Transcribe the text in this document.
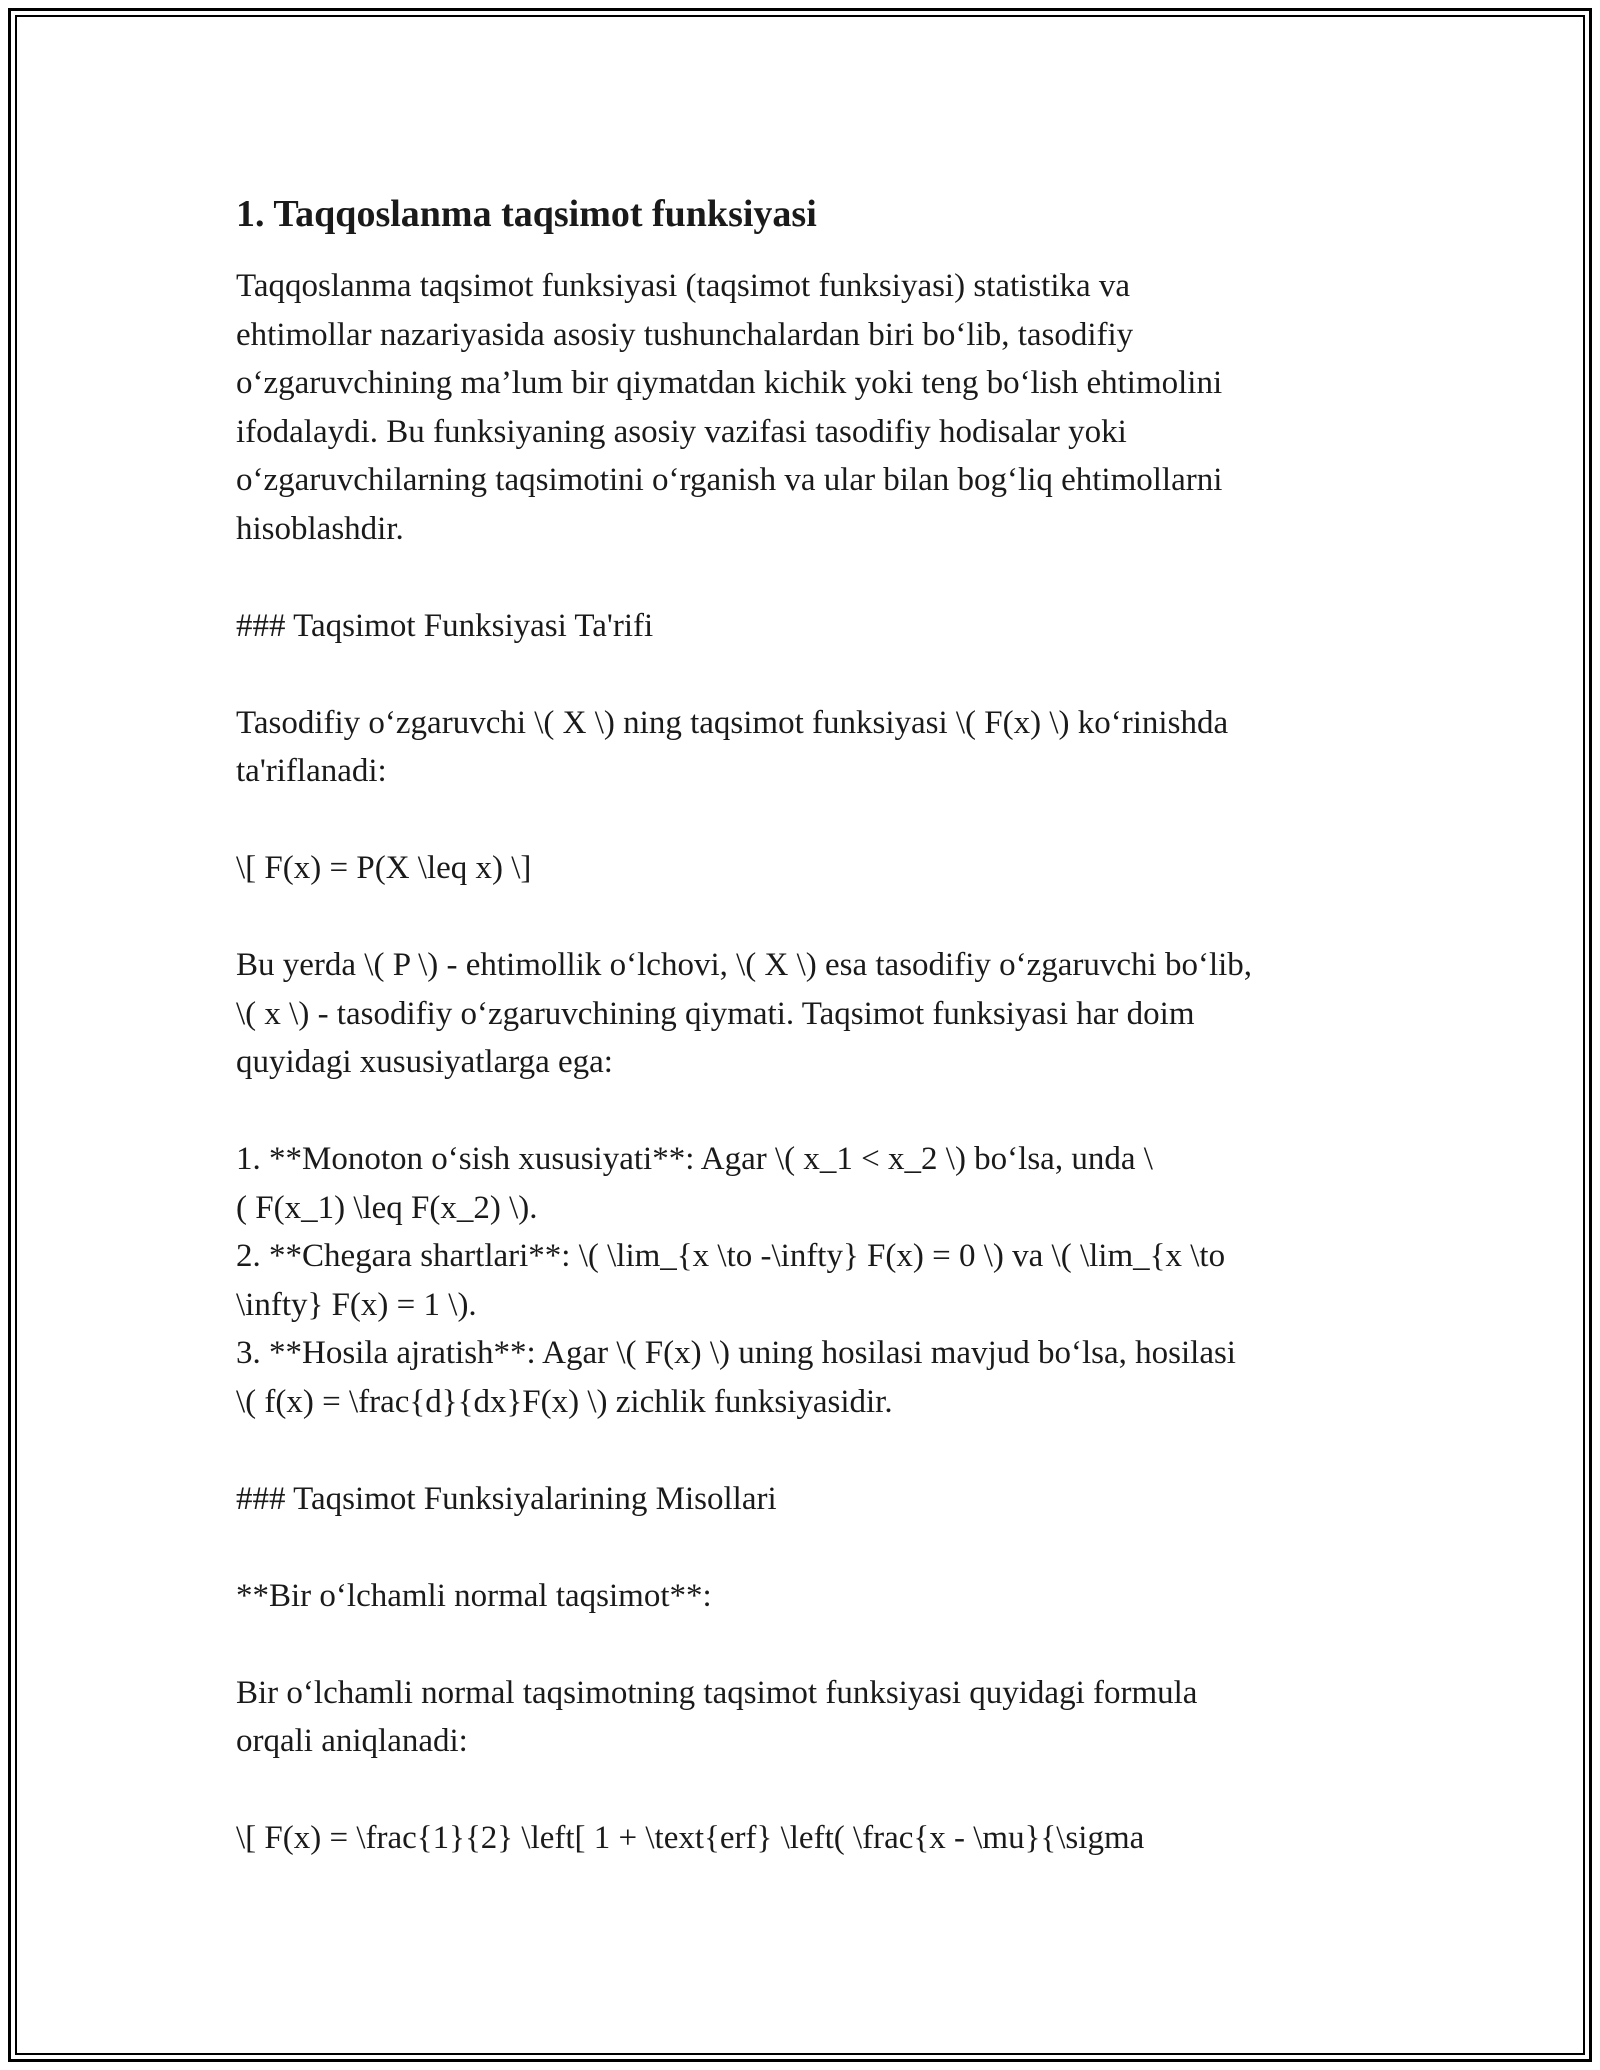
1. Taqqoslanma taqsimot funksiyasi

Taqqoslanma taqsimot funksiyasi (taqsimot funksiyasi) statistika va
ehtimollar nazariyasida asosiy tushunchalardan biri bo‘lib, tasodifiy
o‘zgaruvchining ma’lum bir qiymatdan kichik yoki teng bo‘lish ehtimolini
ifodalaydi. Bu funksiyaning asosiy vazifasi tasodifiy hodisalar yoki
o‘zgaruvchilarning taqsimotini o‘rganish va ular bilan bog‘liq ehtimollarni
hisoblashdir.

### Taqsimot Funksiyasi Ta'rifi

Tasodifiy o‘zgaruvchi \( X \) ning taqsimot funksiyasi \( F(x) \) ko‘rinishda
ta'riflanadi:

\[ F(x) = P(X \leq x) \]

Bu yerda \( P \) - ehtimollik o‘lchovi, \( X \) esa tasodifiy o‘zgaruvchi bo‘lib,
\( x \) - tasodifiy o‘zgaruvchining qiymati. Taqsimot funksiyasi har doim
quyidagi xususiyatlarga ega:

1. **Monoton o‘sish xususiyati**: Agar \( x_1 < x_2 \) bo‘lsa, unda \
( F(x_1) \leq F(x_2) \).
2. **Chegara shartlari**: \( \lim_{x \to -\infty} F(x) = 0 \) va \( \lim_{x \to
\infty} F(x) = 1 \).
3. **Hosila ajratish**: Agar \( F(x) \) uning hosilasi mavjud bo‘lsa, hosilasi
\( f(x) = \frac{d}{dx}F(x) \) zichlik funksiyasidir.

### Taqsimot Funksiyalarining Misollari

**Bir o‘lchamli normal taqsimot**:

Bir o‘lchamli normal taqsimotning taqsimot funksiyasi quyidagi formula
orqali aniqlanadi:

\[ F(x) = \frac{1}{2} \left[ 1 + \text{erf} \left( \frac{x - \mu}{\sigma
